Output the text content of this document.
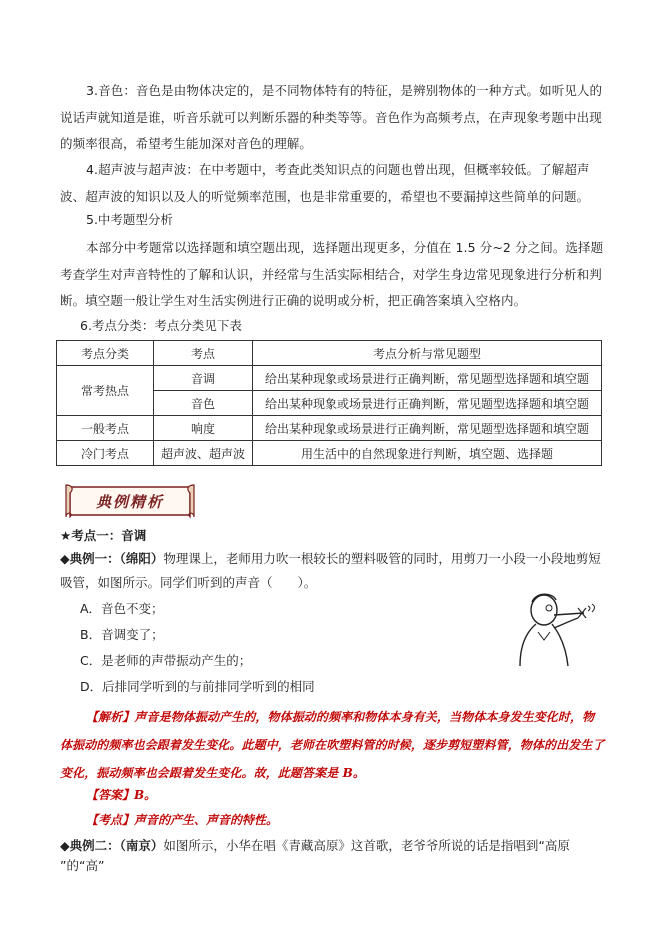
3.音色：音色是由物体决定的，是不同物体特有的特征，是辨别物体的一种方式。如听见人的说话声就知道是谁，听音乐就可以判断乐器的种类等等。音色作为高频考点，在声现象考题中出现的频率很高，希望考生能加深对音色的理解。
4.超声波与超声波：在中考题中，考查此类知识点的问题也曾出现，但概率较低。了解超声波、超声波的知识以及人的听觉频率范围，也是非常重要的，希望也不要漏掉这些简单的问题。
5.中考题型分析
本部分中考题常以选择题和填空题出现，选择题出现更多，分值在 1.5 分~2 分之间。选择题考查学生对声音特性的了解和认识，并经常与生活实际相结合，对学生身边常见现象进行分析和判断。填空题一般让学生对生活实例进行正确的说明或分析，把正确答案填入空格内。
6.考点分类：考点分类见下表
考点分类	考点	考点分析与常见题型
常考热点	音调	给出某种现象或场景进行正确判断，常见题型选择题和填空题
	音色	给出某种现象或场景进行正确判断，常见题型选择题和填空题
一般考点	响度	给出某种现象或场景进行正确判断，常见题型选择题和填空题
冷门考点	超声波、超声波	用生活中的自然现象进行判断，填空题、选择题
典例精析
★考点一：音调
◆典例一：（绵阳）物理课上，老师用力吹一根较长的塑料吸管的同时，用剪刀一小段一小段地剪短
吸管，如图所示。同学们听到的声音（　　）。
A．音色不变；
B．音调变了；
C．是老师的声带振动产生的；
D．后排同学听到的与前排同学听到的相同
【解析】声音是物体振动产生的，物体振动的频率和物体本身有关，当物体本身发生变化时，物体振动的频率也会跟着发生变化。此题中，老师在吹塑料管的时候，逐步剪短塑料管，物体的出发生了变化，振动频率也会跟着发生变化。故，此题答案是 B。
【答案】B。
【考点】声音的产生、声音的特性。
◆典例二：（南京）如图所示，小华在唱《青藏高原》这首歌，老爷爷所说的话是指唱到“高原 ”的“高”
